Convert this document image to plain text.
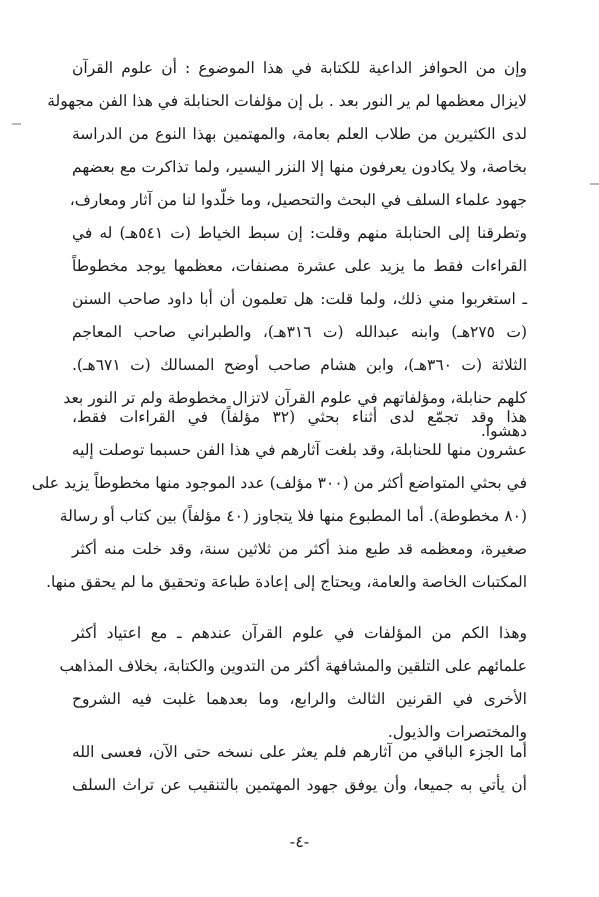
وإن من الحوافز الداعية للكتابة في هذا الموضوع : أن علوم القرآن
لايزال معظمها لم ير النور بعد . بل إن مؤلفات الحنابلة في هذا الفن مجهولة
لدى الكثيرين من طلاب العلم بعامة، والمهتمين بهذا النوع من الدراسة
بخاصة، ولا يكادون يعرفون منها إلا النزر اليسير، ولما تذاكرت مع بعضهم
جهود علماء السلف في البحث والتحصيل، وما خلّدوا لنا من آثار ومعارف،
وتطرقنا إلى الحنابلة منهم وقلت: إن سبط الخياط (ت ٥٤١هـ) له في
القراءات فقط ما يزيد على عشرة مصنفات، معظمها يوجد مخطوطاً
ـ استغربوا مني ذلك، ولما قلت: هل تعلمون أن أبا داود صاحب السنن
(ت ٢٧٥هـ) وابنه عبدالله (ت ٣١٦هـ)، والطبراني صاحب المعاجم
الثلاثة (ت ٣٦٠هـ)، وابن هشام صاحب أوضح المسالك (ت ٦٧١هـ).
كلهم حنابلة، ومؤلفاتهم في علوم القرآن لاتزال مخطوطة ولم تر النور بعد
دهشوا.
هذا وقد تجمّع لدى أثناء بحثي (٣٢ مؤلفاً) في القراءات فقط،
عشرون منها للحنابلة، وقد بلغت آثارهم في هذا الفن حسبما توصلت إليه
في بحثي المتواضع أكثر من (٣٠٠ مؤلف) عدد الموجود منها مخطوطاً يزيد على
(٨٠ مخطوطة). أما المطبوع منها فلا يتجاوز (٤٠ مؤلفاً) بين كتاب أو رسالة
صغيرة، ومعظمه قد طبع منذ أكثر من ثلاثين سنة، وقد خلت منه أكثر
المكتبات الخاصة والعامة، ويحتاج إلى إعادة طباعة وتحقيق ما لم يحقق منها.
وهذا الكم من المؤلفات في علوم القرآن عندهم ـ مع اعتياد أكثر
علمائهم على التلقين والمشافهة أكثر من التدوين والكتابة، بخلاف المذاهب
الأخرى في القرنين الثالث والرابع، وما بعدهما غلبت فيه الشروح
والمختصرات والذيول.
أما الجزء الباقي من آثارهم فلم يعثر على نسخه حتى الآن، فعسى الله
أن يأتي به جميعا، وأن يوفق جهود المهتمين بالتنقيب عن تراث السلف
-٤-
